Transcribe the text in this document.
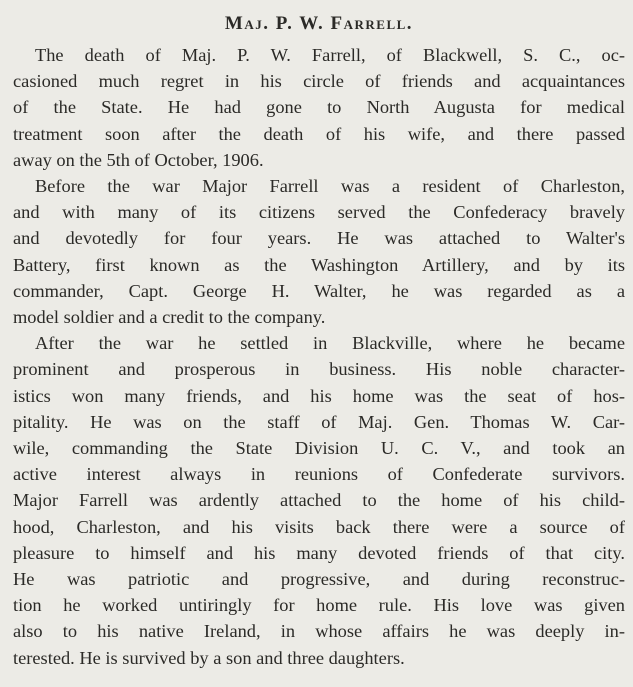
Maj. P. W. Farrell.

The death of Maj. P. W. Farrell, of Blackwell, S. C., oc-
casioned much regret in his circle of friends and acquaintances
of the State. He had gone to North Augusta for medical
treatment soon after the death of his wife, and there passed
away on the 5th of October, 1906.

Before the war Major Farrell was a resident of Charleston,
and with many of its citizens served the Confederacy bravely
and devotedly for four years. He was attached to Walter's
Battery, first known as the Washington Artillery, and by its
commander, Capt. George H. Walter, he was regarded as a
model soldier and a credit to the company.

After the war he settled in Blackville, where he became
prominent and prosperous in business. His noble character-
istics won many friends, and his home was the seat of hos-
pitality. He was on the staff of Maj. Gen. Thomas W. Car-
wile, commanding the State Division U. C. V., and took an
active interest always in reunions of Confederate survivors.
Major Farrell was ardently attached to the home of his child-
hood, Charleston, and his visits back there were a source of
pleasure to himself and his many devoted friends of that city.
He was patriotic and progressive, and during reconstruc-
tion he worked untiringly for home rule. His love was given
also to his native Ireland, in whose affairs he was deeply in-
terested. He is survived by a son and three daughters.
